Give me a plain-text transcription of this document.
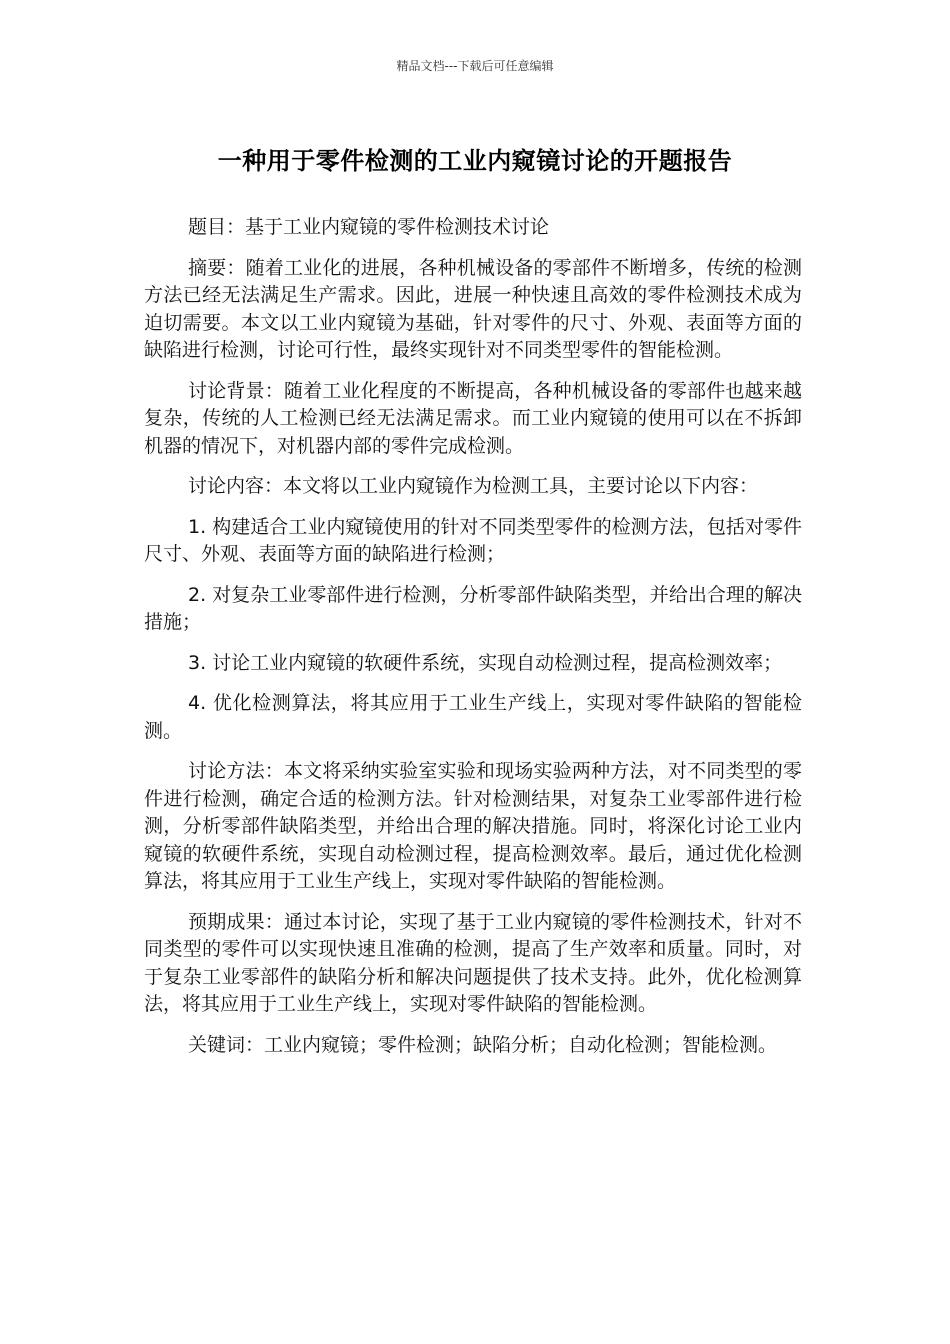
精品文档---下载后可任意编辑
一种用于零件检测的工业内窥镜讨论的开题报告

题目：基于工业内窥镜的零件检测技术讨论

摘要：随着工业化的进展，各种机械设备的零部件不断增多，传统的检测方法已经无法满足生产需求。因此，进展一种快速且高效的零件检测技术成为迫切需要。本文以工业内窥镜为基础，针对零件的尺寸、外观、表面等方面的缺陷进行检测，讨论可行性，最终实现针对不同类型零件的智能检测。

讨论背景：随着工业化程度的不断提高，各种机械设备的零部件也越来越复杂，传统的人工检测已经无法满足需求。而工业内窥镜的使用可以在不拆卸机器的情况下，对机器内部的零件完成检测。

讨论内容：本文将以工业内窥镜作为检测工具，主要讨论以下内容：

1. 构建适合工业内窥镜使用的针对不同类型零件的检测方法，包括对零件尺寸、外观、表面等方面的缺陷进行检测；

2. 对复杂工业零部件进行检测，分析零部件缺陷类型，并给出合理的解决措施；

3. 讨论工业内窥镜的软硬件系统，实现自动检测过程，提高检测效率；

4. 优化检测算法，将其应用于工业生产线上，实现对零件缺陷的智能检测。

讨论方法：本文将采纳实验室实验和现场实验两种方法，对不同类型的零件进行检测，确定合适的检测方法。针对检测结果，对复杂工业零部件进行检测，分析零部件缺陷类型，并给出合理的解决措施。同时，将深化讨论工业内窥镜的软硬件系统，实现自动检测过程，提高检测效率。最后，通过优化检测算法，将其应用于工业生产线上，实现对零件缺陷的智能检测。

预期成果：通过本讨论，实现了基于工业内窥镜的零件检测技术，针对不同类型的零件可以实现快速且准确的检测，提高了生产效率和质量。同时，对于复杂工业零部件的缺陷分析和解决问题提供了技术支持。此外，优化检测算法，将其应用于工业生产线上，实现对零件缺陷的智能检测。

关键词：工业内窥镜；零件检测；缺陷分析；自动化检测；智能检测。
